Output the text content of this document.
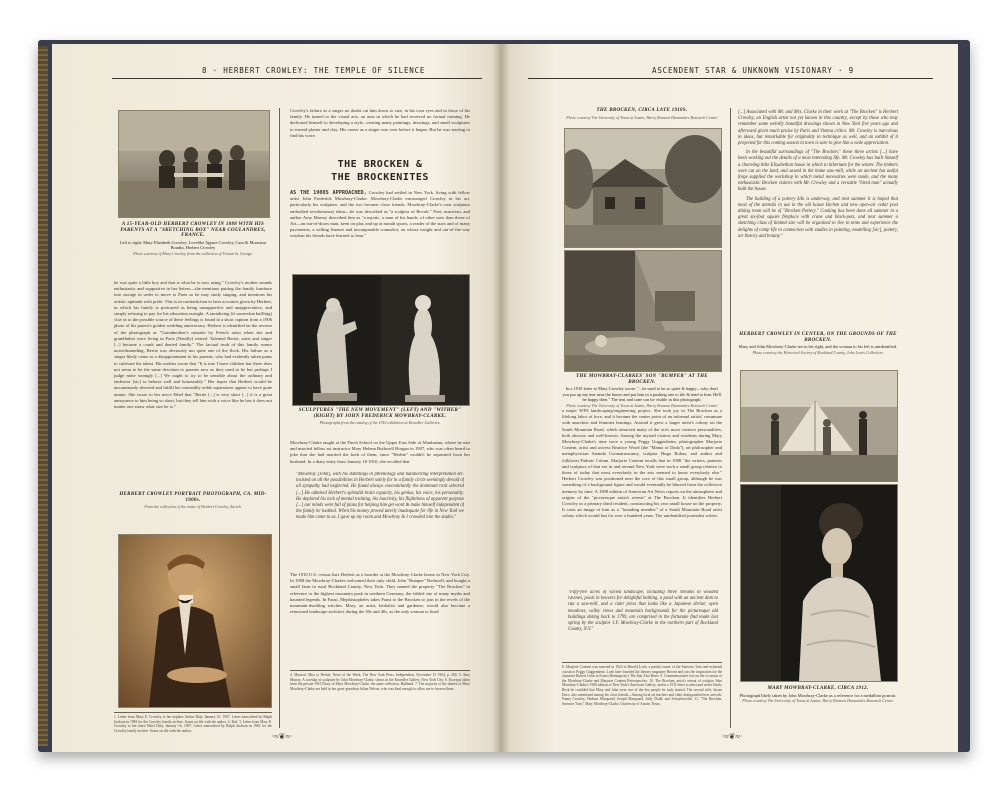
8 · HERBERT CROWLEY: THE TEMPLE OF SILENCE
A 15-YEAR-OLD HERBERT CROWLEY IN 1888 WITH HIS PARENTS AT A "SKETCHING BOX" NEAR COULANDRES, FRANCE.
Left to right: Mary Elizabeth Crowley, Lovelike Appsie Crowley, Cara & Monsieur Boudin, Herbert Crowley
Photo courtesy of Mary Crowley, from the collection of Tristan St. George.
he was quite a little boy and that is what he is now using." Crowley's mother sounds enthusiastic and supportive in her letters—she mentions putting the family furniture into storage in order to move to Paris so he may study singing, and mentions his artistic aptitude with pride. This is in contradiction to later accounts given by Herbert, in which his family is portrayed as being unsupportive and unappreciative, and simply refusing to pay for his education outright. A tantalizing (if somewhat baffling) clue as to the possible source of these feelings is found in a short caption from a 1906 photo of his parent's golden wedding anniversary. Herbert is identified on the reverse of the photograph as "Grandmother's mistake by French artist when she and grandfather were living in Paris (Neuilly) retired. Talented Bertie, artist and singer [...] became a crank and denied family." The factual truth of this family rumor notwithstanding, Bertie was obviously not quite one of the flock. His failure as a singer likely came as a disappointment to his parents, who had evidently taken pains to cultivate his talent. His mother wrote that "It is true I have children but there does not seem to be the same devotion to parents now as they used to be but perhaps I judge mine wrongly [...] We ought to try to be sensible about the ordinary and endeavor [sic] to behave well and honourably." Her hopes that Herbert would be uncommonly devoted and fulfill her ostensibly noble aspirations appear to have gone unmet. She wrote to her niece Ethel that "Bertie [...] is very short [...] it is a great annoyance to him being so short, but they tell him with a voice like he has it does not matter one straw what size he is."
HERBERT CROWLEY PORTRAIT PHOTOGRAPH, CA. MID-1900s.
From the collection of the estate of Herbert Crowley, Zurich.
1. Letter from Mary E. Crowley to her nephew Arthur Daly, January 16, 1907. Letter transcribed by Ralph Jackson in 1982 for the Crowley family archive. Scans on file with the author. 2. Ibid. 3. Letter from Mary E. Crowley to her niece Ethel Daly, January 16, 1907. Letter transcribed by Ralph Jackson in 1982 for the Crowley family archive. Scans on file with the author.
Crowley's failure as a singer no doubt cut him down to size, in his own eyes and in those of his family. He turned to the visual arts, an area in which he had received no formal training. He dedicated himself to developing a style, creating many paintings, drawings, and small sculptures to extend plaster and clay. His career as a singer was over before it began. But he was starting to find his voice.
THE BROCKEN &
THE BROCKENITES

AS THE 1900S APPROACHED, Crowley had settled in New York, living with fellow artist John Frederick Mowbray-Clarke. Mowbray-Clarke encouraged Crowley in his art, particularly his sculpture, and the two became close friends. Mowbray-Clarke's own sculpture embodied revolutionary ideas—he was described as "a sculptor of Revolt." Poet, musician, and author Amy Murray described him as "a mystic, a man of his hands, of other uses than those of Art—an out-of-doors man, keen on plat, and up at mouth sports, a reader of the stars and of many pavements, a willing listener and incomparable counselor, on whose insight and out-of-the-way wisdom his friends have learned to lean."

SCULPTURES "THE NEW MOVEMENT" (LEFT) AND "WITHER" (RIGHT) BY JOHN FREDERICK MOWBRAY-CLARKE.
Photographs from the catalog of the 1910 exhibition at Knoedler Galleries.
Mowbray-Clarke taught at the Finch School on the Upper East Side of Manhattan, where he met and married fellow art instructor Mary Helena Bothwell Horgan in 1907, who was often heard to joke that she had married the both of them, since "Herbie" couldn't be separated from her husband. In a diary entry from January 18 1910, she recalled that
"Mowbray [John], with his dabblings in phrenology and handwriting interpretation etc. insisted on all the possibilities in Herbert solely for in a family circle seemingly devoid of all sympathy had neglected. He found always concomitantly the dominant trait selected [...] He admired Herbert's splendid brain capacity, his genius, his voice, his personality. He deplored his lack of mental training, his inactivity, his flightiness of apparent purpose [...] our minds were full of plans for helping him get work & make himself independent of the family he loathed. When his money proved utterly inadequate for life in New York we made him come to us. I gave up my room and Mowbray & I crowded into the studio."
The 1910 U.S. census lists Herbert as a boarder at the Mowbray-Clarke house in New York City. In 1908 the Mowbray-Clarkes welcomed their only child, John "Bumper" Bothwell, and bought a small farm in rural Rockland County, New York. They named the property "The Brocken" in reference to the highest mountain peak in northern Germany, the fabled site of many myths and haunted legends. In Faust, Mephistopheles takes Faust to the Brocken to join in the revels of the mountain-dwelling witches. Mary, an artist, herbalist and gardener, would also become a renowned landscape architect during the 30s and 40s, as the only woman to head
4. Musical, Miss to Herbie, News of the Week, The New York Press, Independent, November 15 1904, p. 284. 5. Amy Murray, A worship of sculpture by John Mowbray-Clarke, shows in the Knoedler Gallery, New York City. 6. Excerpts taken from the private 1910 Diary of Mary Mowbray-Clarke, the same collection, Hubbard. 7. The majority of the diaries of Mary Mowbray-Clarke are held in her great-grandson Julian Nelson, who was kind enough to allow me to browse them.
·≈❦≈·
ASCENDENT STAR & UNKNOWN VISIONARY · 9
THE BROCKEN, CIRCA LATE 1910S.
Photo courtesy The University of Texas at Austin, Harry Ransom Humanities Research Center.
THE MOWBRAY-CLARKES' SON "BUMPER" AT THE BROCKEN.
In a 1910 letter to Mary Crowley wrote: "...he used to be so quiet & happy—why don't you put up my tent near the house and put him in a pushing one to tile & tend to him. He'll be happy then." The tent and cane can be visible in this photograph.
Photo courtesy The University of Texas at Austin, Harry Ransom Humanities Research Center.
a major WPA landscaping/engineering project. She took joy in The Brocken as a lifelong labor of love, and it became the center point of an informal artists' commune with anarchist and feminist leanings. Around it grew a larger artist's colony on the South Mountain Road, which attracted many of the era's most creative personalities, both obscure and well-known. Among the myriad visitors and residents during Mary Mowbray-Clarke's time were a young Peggy Guggenheim, photographer Marjorie Content, artist and actress Beatrice Wood (the "Mama of Dada"), art philosopher and metaphysician Ananda Coomaraswamy, sculptor Hugo Robus, and author and folklorist Padraic Colum. Marjorie Content recalls that in 1908 "the writers, painters and sculptors of that era in and around New York were such a small group relative to those of today that most everybody in the arts seemed to know everybody else." Herbert Crowley was positioned near the core of this small group, although he was something of a background figure and would eventually be blurred from the collective memory by time. A 1908 edition of American Art News reports on the atmosphere and origins of the "picturesque artist's retreat" at The Brocken. It identifies Herbert Crowley as a primary third resident, constructing his own small house on the property. It casts an image of him as a "founding member" of a South Mountain Road artist colony which would last for over a hundred years. The unidentified journalist writes:
"Fifty-five acres of varied landscape, including three streams in wooded ravines, pools in beavers for delightful bathing, a pond with an ancient dam to run a saw-mill, and a cider press that looks like a Japanese shrine; open meadows, valley views and mountain backgrounds for the picturesque old buildings dating back to 1799, are comprised in the fortunate find made last spring by the sculptor J.F. Mowbray-Clarke in the northern part of Rockland County, N.Y."
8. Marjorie Content was married in 1924 to Harold Loeb, a partial owner of the Sunwise Turn and maternal cousin to Peggy Guggenheim. Loeb later founded the literary magazine Broom and was the inspiration for the character Robert Cohn in Ernest Hemingway's The Sun Also Rises. 9. Commemorative text on the occasion of the Mowbray-Clarke and Marjorie Content Retrospective. 10. The Brocken, artist's retreat of sculptor John Mowbray-Clarke's 1908 edition of New York's American Gallery, and in a 1911 letter to artist and writer Emily Beck he confided that Mary and John were two of the few people he truly trusted. The second wife, Susan Doro, also mentioned among his close friends—Among local art teachers and other distinguished new arrivals: Fanny Crowley, Hudson Marquand, Joseph Marquand, Sally Dodd, and Schuylersville. 11. "The Brocken, Sunwise Turn," Mary Mowbray-Clarke, University of Austin, Texas.

[...] Associated with Mr. and Mrs. Clarke in their work at "The Brocken" is Herbert Crowley, an English artist not yet known in this country, except by those who may remember some weirdly beautiful drawings shown in New York five years ago and afterward given much praise by Paris and Vienna critics. Mr. Crowley is marvelous in ideas, but remarkable for originality in technique as well, and an exhibit of it projected for this coming season in town is sure to give him a wide appreciation.

In the beautiful surroundings of "The Brocken," these three artists [...] have been working out the details of a most interesting life. Mr. Crowley has built himself a charming little Elizabethan house in which to hibernate for the winter. The timbers were cut on the land, and sawed in the home saw-mill, while an ancient but useful forge supplied the workshop in which metal necessities were made, and the many enthusiastic Brocken visitors with Mr. Crowley and a versatile "hired man" actually built the house.

The building of a pottery kiln is underway, and next summer it is hoped that most of the utensils in use in the old house kitchen and new open-air cedar post dining room will be of "Brocken Pottery." Cooking has been done all summer in a great six-foot square fireplace with crane and black-pots, and next summer a sketching class of limited size will be organized to live in tents and experience the delights of camp life in connection with studies in painting, modelling [sic], pottery, art history and botany."

HERBERT CROWLEY IN CENTER, ON THE GROUNDS OF THE BROCKEN.
Mary and John Mowbray-Clarke are to his right, and the woman to his left is unidentified.
Photo courtesy the Historical Society of Rockland County, John Lewis Collection.
MARY MOWBRAY-CLARKE, CIRCA 1912.
Photograph likely taken by John Mowbray-Clarke as a reference for a medallion portrait.
Photo courtesy The University of Texas at Austin, Harry Ransom Humanities Research Center.
·≈❦≈·
